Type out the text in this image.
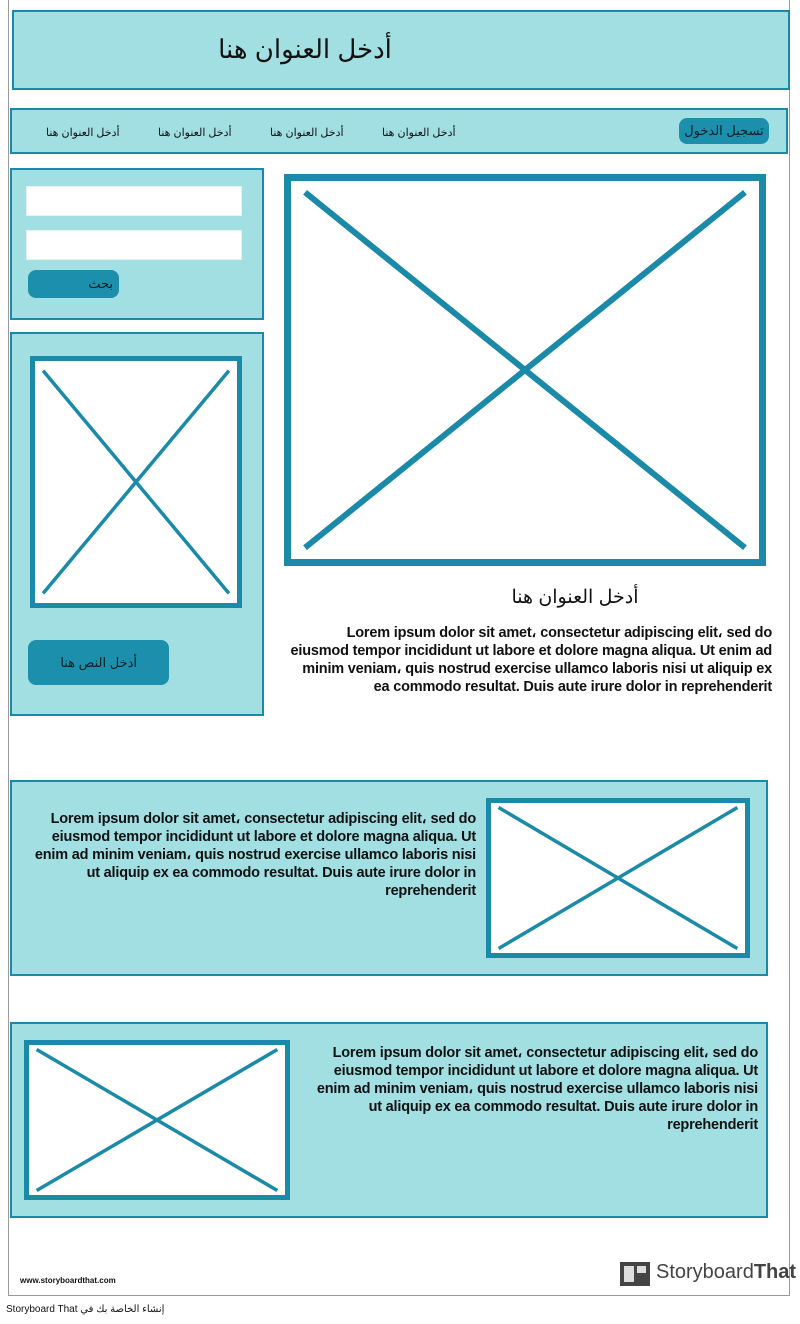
أدخل العنوان هنا
أدخل العنوان هنا	أدخل العنوان هنا	أدخل العنوان هنا	أدخل العنوان هنا	تسجيل الدخول
بحث
أدخل النص هنا
أدخل العنوان هنا
Lorem ipsum dolor sit amet، consectetur adipiscing elit، sed do eiusmod tempor incididunt ut labore et dolore magna aliqua. Ut enim ad minim veniam، quis nostrud exercise ullamco laboris nisi ut aliquip ex ea commodo resultat. Duis aute irure dolor in reprehenderit
Lorem ipsum dolor sit amet، consectetur adipiscing elit، sed do eiusmod tempor incididunt ut labore et dolore magna aliqua. Ut enim ad minim veniam، quis nostrud exercise ullamco laboris nisi ut aliquip ex ea commodo resultat. Duis aute irure dolor in reprehenderit
Lorem ipsum dolor sit amet، consectetur adipiscing elit، sed do eiusmod tempor incididunt ut labore et dolore magna aliqua. Ut enim ad minim veniam، quis nostrud exercise ullamco laboris nisi ut aliquip ex ea commodo resultat. Duis aute irure dolor in reprehenderit
www.storyboardthat.com	StoryboardThat
إنشاء الخاصة بك في Storyboard That
